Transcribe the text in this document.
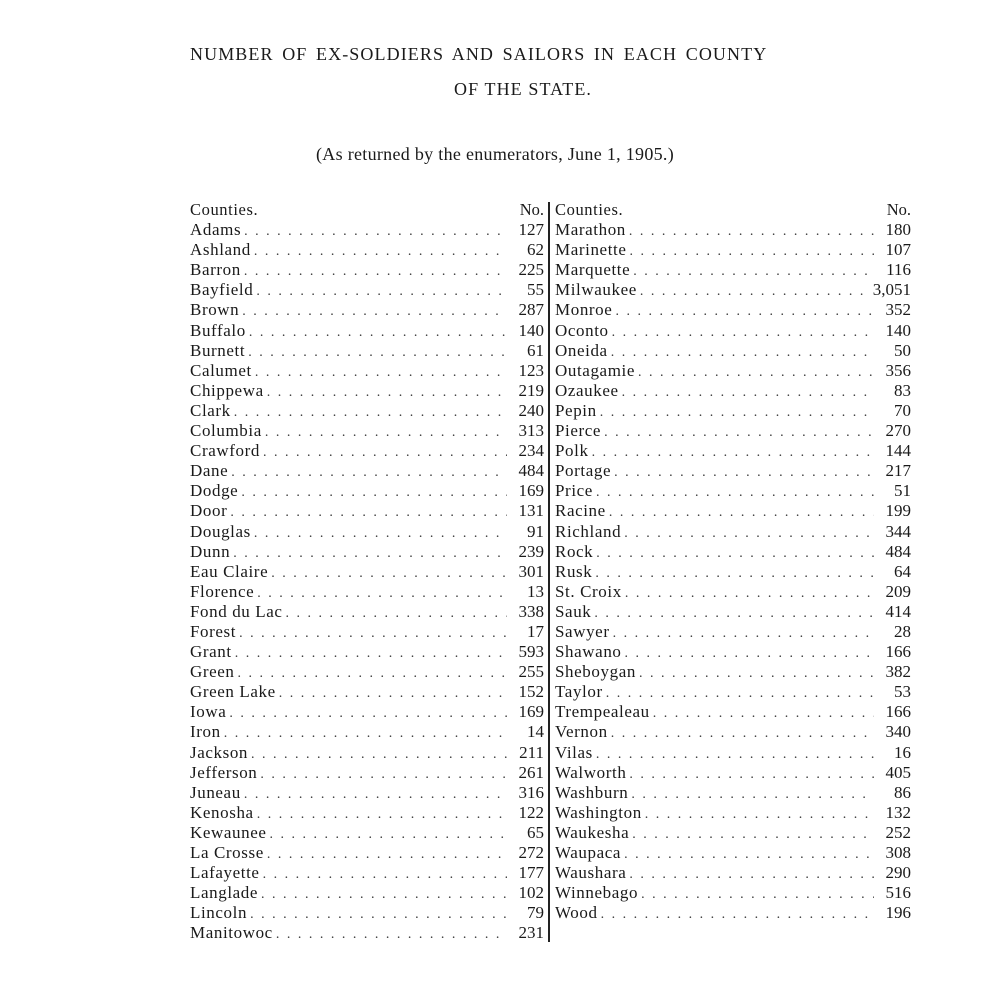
NUMBER OF EX-SOLDIERS AND SAILORS IN EACH COUNTY
OF THE STATE.
(As returned by the enumerators, June 1, 1905.)
Counties.	No.
Adams . . .	127
Ashland . . .	62
Barron . . .	225
Bayfield . . .	55
Brown . . .	287
Buffalo . . .	140
Burnett . . .	61
Calumet . . .	123
Chippewa . . .	219
Clark . . .	240
Columbia . . .	313
Crawford . . .	234
Dane . . .	484
Dodge . . .	169
Door . . .	131
Douglas . . .	91
Dunn . . .	239
Eau Claire . . .	301
Florence . . .	13
Fond du Lac . . .	338
Forest . . .	17
Grant . . .	593
Green . . .	255
Green Lake . . .	152
Iowa . . .	169
Iron . . .	14
Jackson . . .	211
Jefferson . . .	261
Juneau . . .	316
Kenosha . . .	122
Kewaunee . . .	65
La Crosse . . .	272
Lafayette . . .	177
Langlade . . .	102
Lincoln . . .	79
Manitowoc . . .	231
Counties.	No.
Marathon . . .	180
Marinette . . .	107
Marquette . . .	116
Milwaukee . . .	3,051
Monroe . . .	352
Oconto . . .	140
Oneida . . .	50
Outagamie . . .	356
Ozaukee . . .	83
Pepin . . .	70
Pierce . . .	270
Polk . . .	144
Portage . . .	217
Price . . .	51
Racine . . .	199
Richland . . .	344
Rock . . .	484
Rusk . . .	64
St. Croix . . .	209
Sauk . . .	414
Sawyer . . .	28
Shawano . . .	166
Sheboygan . . .	382
Taylor . . .	53
Trempealeau . . .	166
Vernon . . .	340
Vilas . . .	16
Walworth . . .	405
Washburn . . .	86
Washington . . .	132
Waukesha . . .	252
Waupaca . . .	308
Waushara . . .	290
Winnebago . . .	516
Wood . . .	196
